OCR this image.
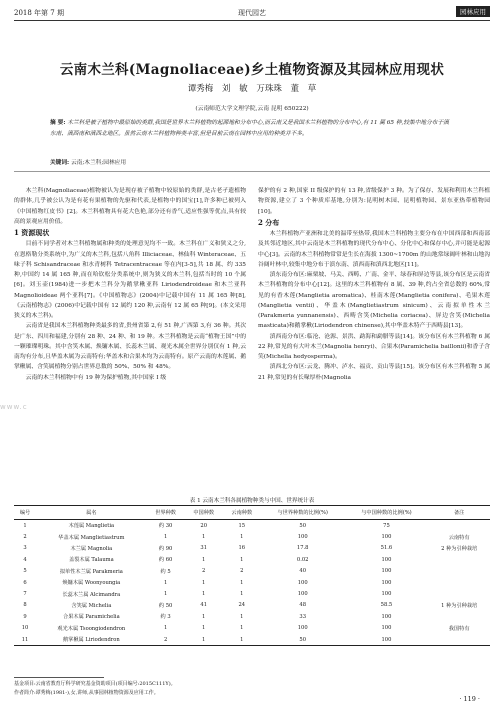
2018 年第 7 期	现代园艺	园林应用
云南木兰科(Magnoliaceae)乡土植物资源及其园林应用现状
谭秀梅 刘 敏 万珠珠 董 草
(云南师范大学文理学院,云南 昆明 650222)
摘 要: 木兰科是被子植物中最原始的类群,我国是世界木兰科植物的起源地和分布中心,而云南又是我国木兰科植物的分布中心,有 11 属 65 种,较集中地分布于滇东南、滇西南和滇西北地区。虽然云南木兰科植物种类丰富,但是目前云南在园林中应用的种类并不多。
关键词: 云南;木兰科;园林应用
www.c

木兰科(Magnoliaceae)植物被认为是现存被子植物中较原始的类群,是古老孑遗植物的群体,几乎被公认为是有花有果植物的先驱和代表,是植物中的国宝[1],许多种已被列入《中国植物红皮书》[2]。木兰科植物具有花大色艳,部分还有香气,适应性强等优点,具有较高的景观应用价值。

1 资源现状

目前不同学者对木兰科植物属和种类的处理意见均不一致。木兰科在广义和狭义之分,在恩格勒分类系统中,为广义的木兰科,包括八角科 Illiciaceae、林仙科 Winteraceae、五味子科 Schisandraceae 和水青树科 Tetracentraceae 等在内[3-5],共 18 属、约 335 种,中国约 14 属 165 种,而在哈钦松分类系统中,则为狭义的木兰科,包括当时的 10 个属[6]。刘玉壶(1984)进一步把木兰科分为鹅掌楸亚科 Liriodendroideae 和木兰亚科 Magnolioideae 两个亚科[7]。《中国植物志》(2004)中记载中国有 11 属 165 种[8],《云南植物志》(2006)中记载中国有 12 属约 120 种,云南有 12 属 65 种[9]。(本文采用狭义的木兰科)。

云南省是我国木兰科植物种类最多的省,贵州省第 2,有 51 种,广西第 3,有 36 种。其次是广东、四川和福建,分别有 28 种、24 种、和 19 种。木兰科植物是云南“植物王国”中的一颗璀璨明珠。其中含笑木属、焕镛木属、长蕊木兰属、观光木属全世界分别仅有 1 种,云南均有分布,且华盖木属为云南特有;华盖木和合果木均为云南特有。原产云南的木莲属、鹅掌楸属、含笑属植物分别占世界总数的 50%、50% 和 48%。

云南的木兰科植物中有 19 种为保护植物,其中国家 I 级

保护的有 2 种,国家 II 级保护的有 13 种,省级保护 3 种。为了保存、发展和利用木兰科植物资源,建立了 3 个种质库基地,分别为:昆明树木园、昆明植物园、景东亚热带植物园[10]。

2 分布

木兰科植物产亚洲和北美的温带至热带,我国木兰科植物主要分布在中国西部和西南部及其邻近地区,其中云南是木兰科植物的现代分布中心、分化中心和保存中心,并可能是起源中心[3]。云南的木兰科植物常常是生长在海拔 1300~1700m 的山地常绿阔叶林和山地沟谷阔叶林中,较集中地分布于滇东南、滇西南和滇西北地区[11]。

滇东南分布区:麻栗坡、马关、西畴、广南、金平、绿春和屏边等县,该分布区是云南省木兰科植物的分布中心[12]。这里的木兰科植物有 8 属、39 种,约占全省总数的 60%,常见的有香木莲(Manglietia aromatica)、桂南木莲(Manglietia conifera)、毛果木莲(Manglietia ventii)、华盖木(Manglietiastrum sinicum)、云南拟单性木兰(Parakmeria yunnanensis)、西畴含笑(Michelia coriacea)、屏边含笑(Michelia masticata)和鹅掌楸(Liriodendron chinense),其中华盖木特产于西畴县[13]。

滇西南分布区:临沧、沧源、景洪、勐海和勐腊等县[14]。该分布区有木兰科植物 6 属 22 种,常见的有大叶木兰(Magnolia henryi)、合果木(Paramichelia baillonii)和香子含笑(Michelia hedyosperma)。

滇西北分布区:云龙、腾冲、泸水、福贡、贡山等县[15]。该分布区有木兰科植物 5 属 21 种,常见的有长喙厚朴(Magnolia

表 1 云南木兰科各属植物种类与中国、世界统计表
编号	属名	世界种数	中国种数	云南种数	与世界种数的比例(%)	与中国种数的比例(%)	备注
1	木莲属 Manglietia	约 30	20	15	50	75	
2	华盖木属 Manglietiastrum	1	1	1	100	100	云南特有
3	木兰属 Magnolia	约 90	31	16	17.8	51.6	2 种为引种栽培
4	盖裂木属 Talauma	约 60	1	1	0.02	100	
5	拟单性木兰属 Parakmeria	约 5	2	2	40	100	
6	焕镛木属 Woonyoungia	1	1	1	100	100	
7	长蕊木兰属 Alcimandra	1	1	1	100	100	
8	含笑属 Michelia	约 50	41	24	48	58.5	1 种为引种栽培
9	合果木属 Paramichelia	约 3	1	1	33	100	
10	观光木属 Tsoongiodendron	1	1	1	100	100	我国特有
11	鹅掌楸属 Liriodendron	2	1	1	50	100	
基金项目:云南省教育厅科学研究基金资助项目(项目编号:2015C111Y)。
作者简介:谭秀梅(1981-),女,讲师,从事园林植物资源及应用工作。
· 119 ·
